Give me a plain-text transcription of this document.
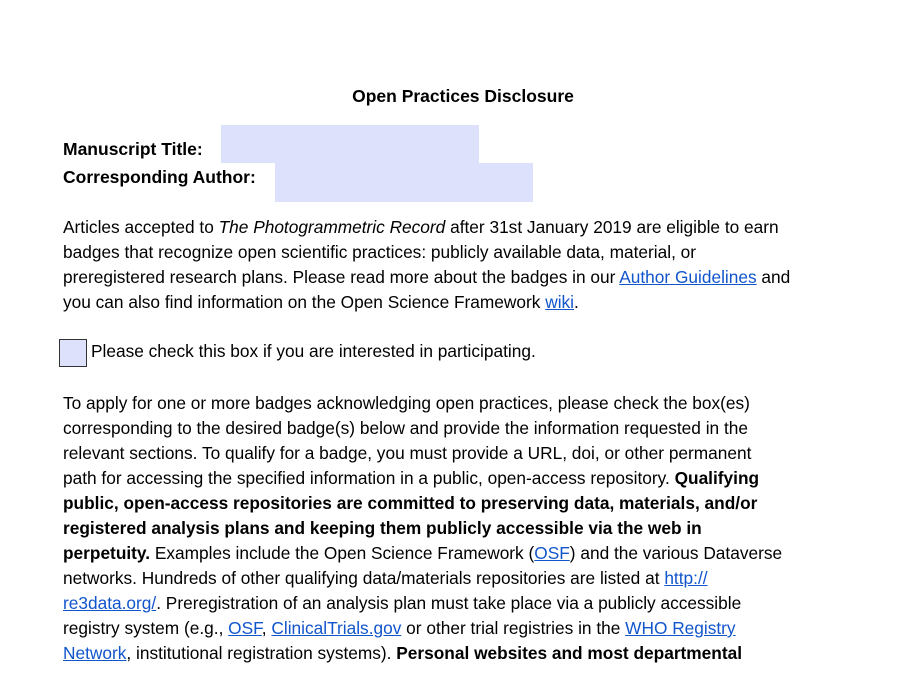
Open Practices Disclosure
Manuscript Title:
Corresponding Author:

Articles accepted to The Photogrammetric Record after 31st January 2019 are eligible to earn
badges that recognize open scientific practices: publicly available data, material, or
preregistered research plans. Please read more about the badges in our Author Guidelines and
you can also find information on the Open Science Framework wiki.

Please check this box if you are interested in participating.

To apply for one or more badges acknowledging open practices, please check the box(es)
corresponding to the desired badge(s) below and provide the information requested in the
relevant sections. To qualify for a badge, you must provide a URL, doi, or other permanent
path for accessing the specified information in a public, open-access repository. Qualifying
public, open-access repositories are committed to preserving data, materials, and/or
registered analysis plans and keeping them publicly accessible via the web in
perpetuity. Examples include the Open Science Framework (OSF) and the various Dataverse
networks. Hundreds of other qualifying data/materials repositories are listed at http://
re3data.org/. Preregistration of an analysis plan must take place via a publicly accessible
registry system (e.g., OSF, ClinicalTrials.gov or other trial registries in the WHO Registry
Network, institutional registration systems). Personal websites and most departmental
